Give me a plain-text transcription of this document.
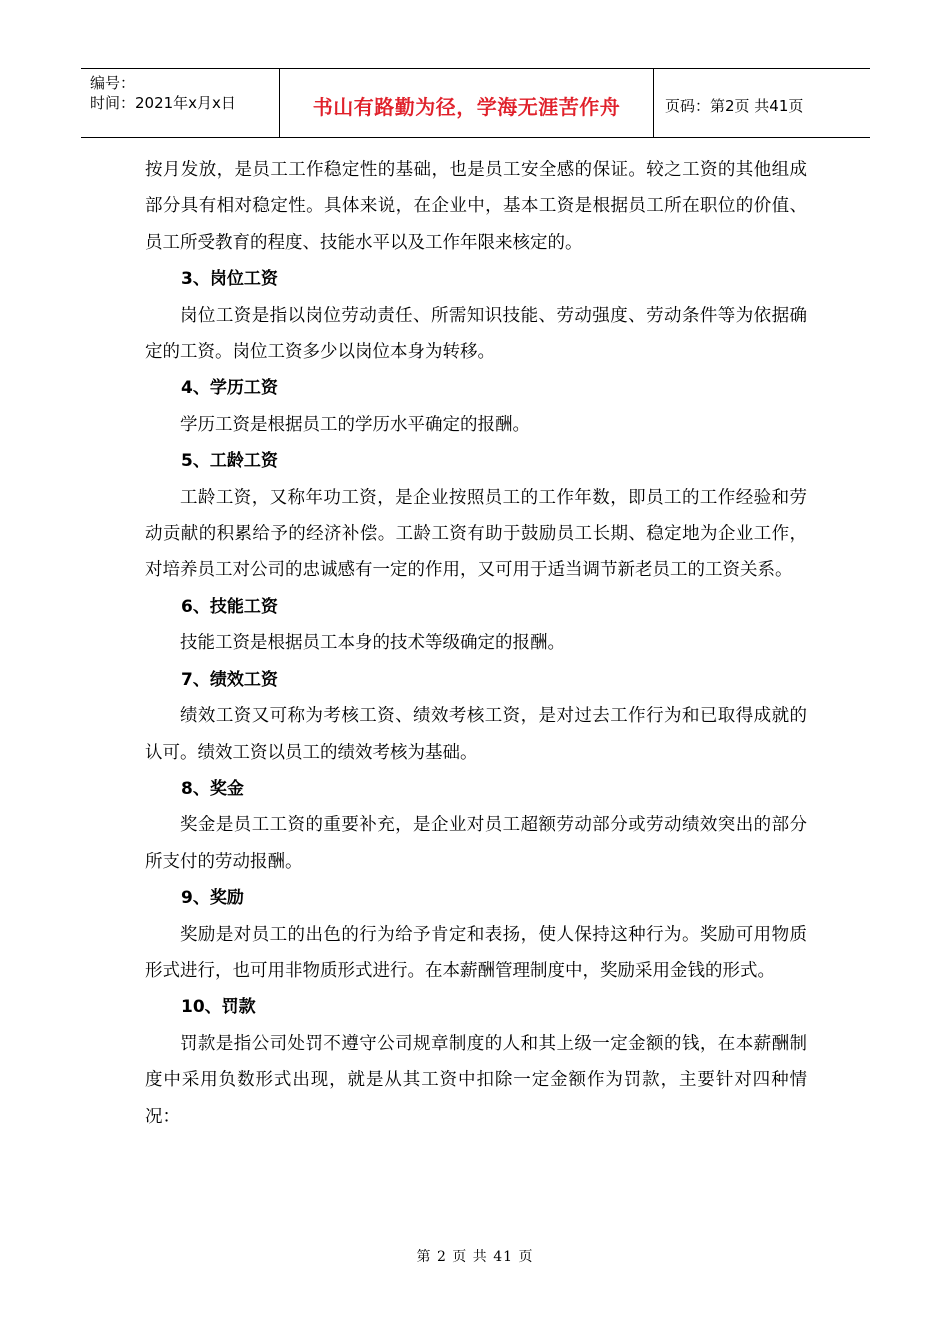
编号：
时间：2021年x月x日	书山有路勤为径，学海无涯苦作舟	页码：第2页 共41页

按月发放，是员工工作稳定性的基础，也是员工安全感的保证。较之工资的其他组成部分具有相对稳定性。具体来说，在企业中，基本工资是根据员工所在职位的价值、员工所受教育的程度、技能水平以及工作年限来核定的。

3、岗位工资

岗位工资是指以岗位劳动责任、所需知识技能、劳动强度、劳动条件等为依据确定的工资。岗位工资多少以岗位本身为转移。

4、学历工资

学历工资是根据员工的学历水平确定的报酬。

5、工龄工资

工龄工资，又称年功工资，是企业按照员工的工作年数，即员工的工作经验和劳动贡献的积累给予的经济补偿。工龄工资有助于鼓励员工长期、稳定地为企业工作，对培养员工对公司的忠诚感有一定的作用，又可用于适当调节新老员工的工资关系。

6、技能工资

技能工资是根据员工本身的技术等级确定的报酬。

7、绩效工资

绩效工资又可称为考核工资、绩效考核工资，是对过去工作行为和已取得成就的认可。绩效工资以员工的绩效考核为基础。

8、奖金

奖金是员工工资的重要补充，是企业对员工超额劳动部分或劳动绩效突出的部分所支付的劳动报酬。

9、奖励

奖励是对员工的出色的行为给予肯定和表扬，使人保持这种行为。奖励可用物质形式进行，也可用非物质形式进行。在本薪酬管理制度中，奖励采用金钱的形式。

10、罚款

罚款是指公司处罚不遵守公司规章制度的人和其上级一定金额的钱，在本薪酬制度中采用负数形式出现，就是从其工资中扣除一定金额作为罚款，主要针对四种情况：

第 2 页 共 41 页
